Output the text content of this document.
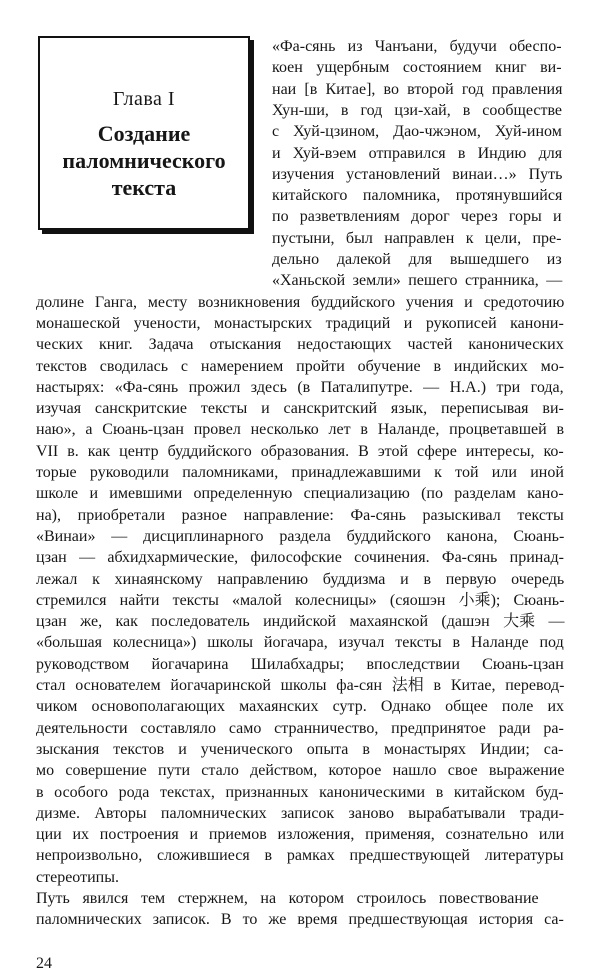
Глава I
Создание
паломнического
текста
«Фа-сянь из Чанъани, будучи обеспо-
коен ущербным состоянием книг ви-
наи [в Китае], во второй год правления
Хун-ши, в год цзи-хай, в сообществе
с Хуй-цзином, Дао-чжэном, Хуй-ином
и Хуй-вэем отправился в Индию для
изучения установлений винаи…» Путь
китайского паломника, протянувшийся
по разветвлениям дорог через горы и
пустыни, был направлен к цели, пре-
дельно далекой для вышедшего из
«Ханьской земли» пешего странника, —
долине Ганга, месту возникновения буддийского учения и средоточию
монашеской учености, монастырских традиций и рукописей канони-
ческих книг. Задача отыскания недостающих частей канонических
текстов сводилась с намерением пройти обучение в индийских мо-
настырях: «Фа-сянь прожил здесь (в Паталипутре. — Н.А.) три года,
изучая санскритские тексты и санскритский язык, переписывая ви-
наю», а Сюань-цзан провел несколько лет в Наланде, процветавшей в
VII в. как центр буддийского образования. В этой сфере интересы, ко-
торые руководили паломниками, принадлежавшими к той или иной
школе и имевшими определенную специализацию (по разделам кано-
на), приобретали разное направление: Фа-сянь разыскивал тексты
«Винаи» — дисциплинарного раздела буддийского канона, Сюань-
цзан — абхидхармические, философские сочинения. Фа-сянь принад-
лежал к хинаянскому направлению буддизма и в первую очередь
стремился найти тексты «малой колесницы» (сяошэн 小乘); Сюань-
цзан же, как последователь индийской махаянской (дашэн 大乘 —
«большая колесница») школы йогачара, изучал тексты в Наланде под
руководством йогачарина Шилабхадры; впоследствии Сюань-цзан
стал основателем йогачаринской школы фа-сян 法相 в Китае, перевод-
чиком основополагающих махаянских сутр. Однако общее поле их
деятельности составляло само странничество, предпринятое ради ра-
зыскания текстов и ученического опыта в монастырях Индии; са-
мо совершение пути стало действом, которое нашло свое выражение
в особого рода текстах, признанных каноническими в китайском буд-
дизме. Авторы паломнических записок заново вырабатывали тради-
ции их построения и приемов изложения, применяя, сознательно или
непроизвольно, сложившиеся в рамках предшествующей литературы
стереотипы.
Путь явился тем стержнем, на котором строилось повествование
паломнических записок. В то же время предшествующая история са-
24
